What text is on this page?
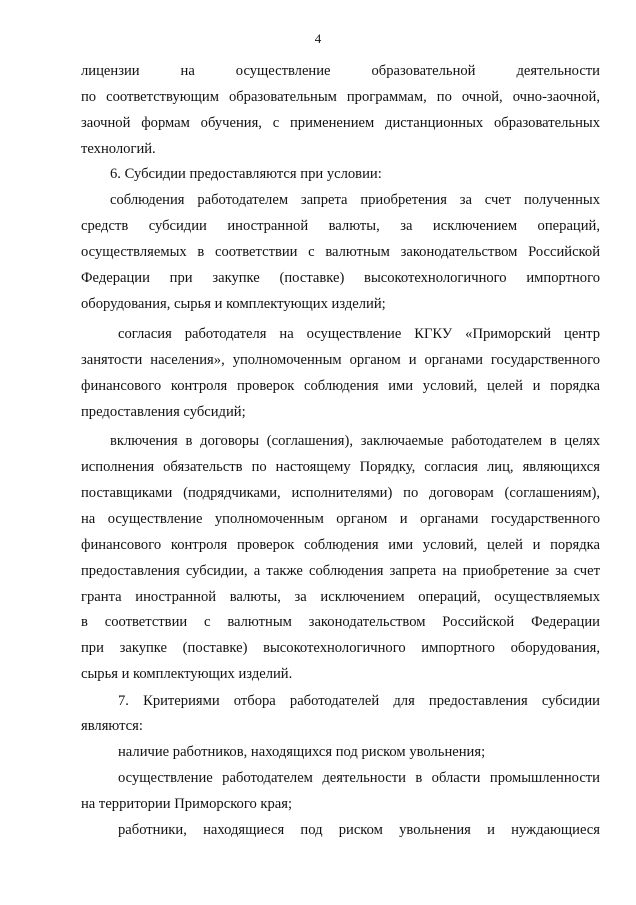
4
лицензии на осуществление образовательной деятельности
по соответствующим образовательным программам, по очной, очно-заочной,
заочной формам обучения, с применением дистанционных образовательных
технологий.
6. Субсидии предоставляются при условии:
соблюдения работодателем запрета приобретения за счет полученных
средств субсидии иностранной валюты, за исключением операций,
осуществляемых в соответствии с валютным законодательством Российской
Федерации при закупке (поставке) высокотехнологичного импортного
оборудования, сырья и комплектующих изделий;
согласия работодателя на осуществление КГКУ «Приморский центр
занятости населения», уполномоченным органом и органами государственного
финансового контроля проверок соблюдения ими условий, целей и порядка
предоставления субсидий;
включения в договоры (соглашения), заключаемые работодателем в целях
исполнения обязательств по настоящему Порядку, согласия лиц, являющихся
поставщиками (подрядчиками, исполнителями) по договорам (соглашениям),
на осуществление уполномоченным органом и органами государственного
финансового контроля проверок соблюдения ими условий, целей и порядка
предоставления субсидии, а также соблюдения запрета на приобретение за счет
гранта иностранной валюты, за исключением операций, осуществляемых
в соответствии с валютным законодательством Российской Федерации
при закупке (поставке) высокотехнологичного импортного оборудования,
сырья и комплектующих изделий.
7. Критериями отбора работодателей для предоставления субсидии
являются:
наличие работников, находящихся под риском увольнения;
осуществление работодателем деятельности в области промышленности
на территории Приморского края;
работники, находящиеся под риском увольнения и нуждающиеся
